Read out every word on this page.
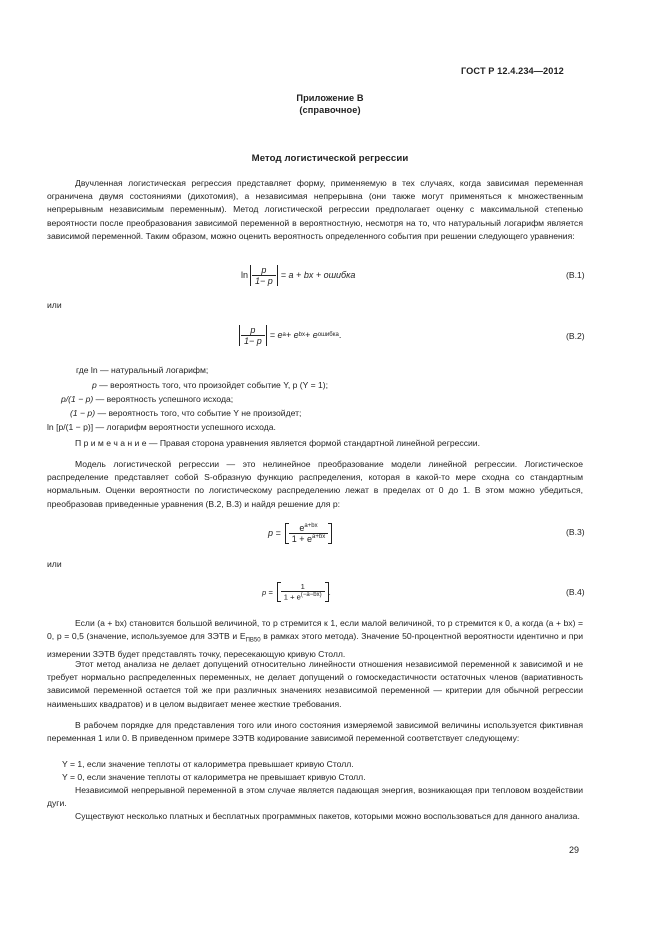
ГОСТ Р 12.4.234—2012
Приложение В
(справочное)
Метод логистической регрессии
Двучленная логистическая регрессия представляет форму, применяемую в тех случаях, когда зависимая переменная ограничена двумя состояниями (дихотомия), а независимая непрерывна (они также могут применяться к множественным непрерывным независимым переменным). Метод логистической регрессии предполагает оценку с максимальной степенью вероятности после преобразования зависимой переменной в вероятностную, несмотря на то, что натуральный логарифм является зависимой переменной. Таким образом, можно оценить вероятность определенного события при решении следующего уравнения:
$\ln \frac{p}{1- p} = a$ + bx + ошибка	(В.1)
или
$\frac{p}{1- p} = e$ a + e bx + e ошибка .	(В.2)
где ln — натуральный логарифм;
p — вероятность того, что произойдет событие Y, p (Y = 1);
p/(1 − p) — вероятность успешного исхода;
(1 − p) — вероятность того, что событие Y не произойдет;
ln [p/(1 − p)] — логарифм вероятности успешного исхода.
П р и м е ч а н и е — Правая сторона уравнения является формой стандартной линейной регрессии.
Модель логистической регрессии — это нелинейное преобразование модели линейной регрессии. Логистическое распределение представляет собой S-образную функцию распределения, которая в какой-то мере сходна со стандартным нормальным. Оценки вероятности по логистическому распределению лежат в пределах от 0 до 1. В этом можно убедиться, преобразовав приведенные уравнения (В.2, В.3) и найдя решение для p:
$p = \frac{e^{a+bx}}{1 + e^{a+bx}}$	(В.3)
или
$p = \frac{1}{1 + e^{(-a-bx)}}$ .	(В.4)
Если (a + bx) становится большой величиной, то p стремится к 1, если малой величиной, то p стремится к 0, а когда (a + bx) = 0, p = 0,5 (значение, используемое для ЗЭТВ и $E_{ПВ50}$ в рамках этого метода). Значение 50-процентной вероятности идентично и при измерении ЗЭТВ будет представлять точку, пересекающую кривую Столл.
Этот метод анализа не делает допущений относительно линейности отношения независимой переменной к зависимой и не требует нормально распределенных переменных, не делает допущений о гомоскедастичности остаточных членов (вариативность зависимой переменной остается той же при различных значениях независимой переменной — критерии для обычной регрессии наименьших квадратов) и в целом выдвигает менее жесткие требования.
В рабочем порядке для представления того или иного состояния измеряемой зависимой величины используется фиктивная переменная 1 или 0. В приведенном примере ЗЭТВ кодирование зависимой переменной соответствует следующему:
Y = 1, если значение теплоты от калориметра превышает кривую Столл.
Y = 0, если значение теплоты от калориметра не превышает кривую Столл.
Независимой непрерывной переменной в этом случае является падающая энергия, возникающая при тепловом воздействии дуги.
Существуют несколько платных и бесплатных программных пакетов, которыми можно воспользоваться для данного анализа.
29
